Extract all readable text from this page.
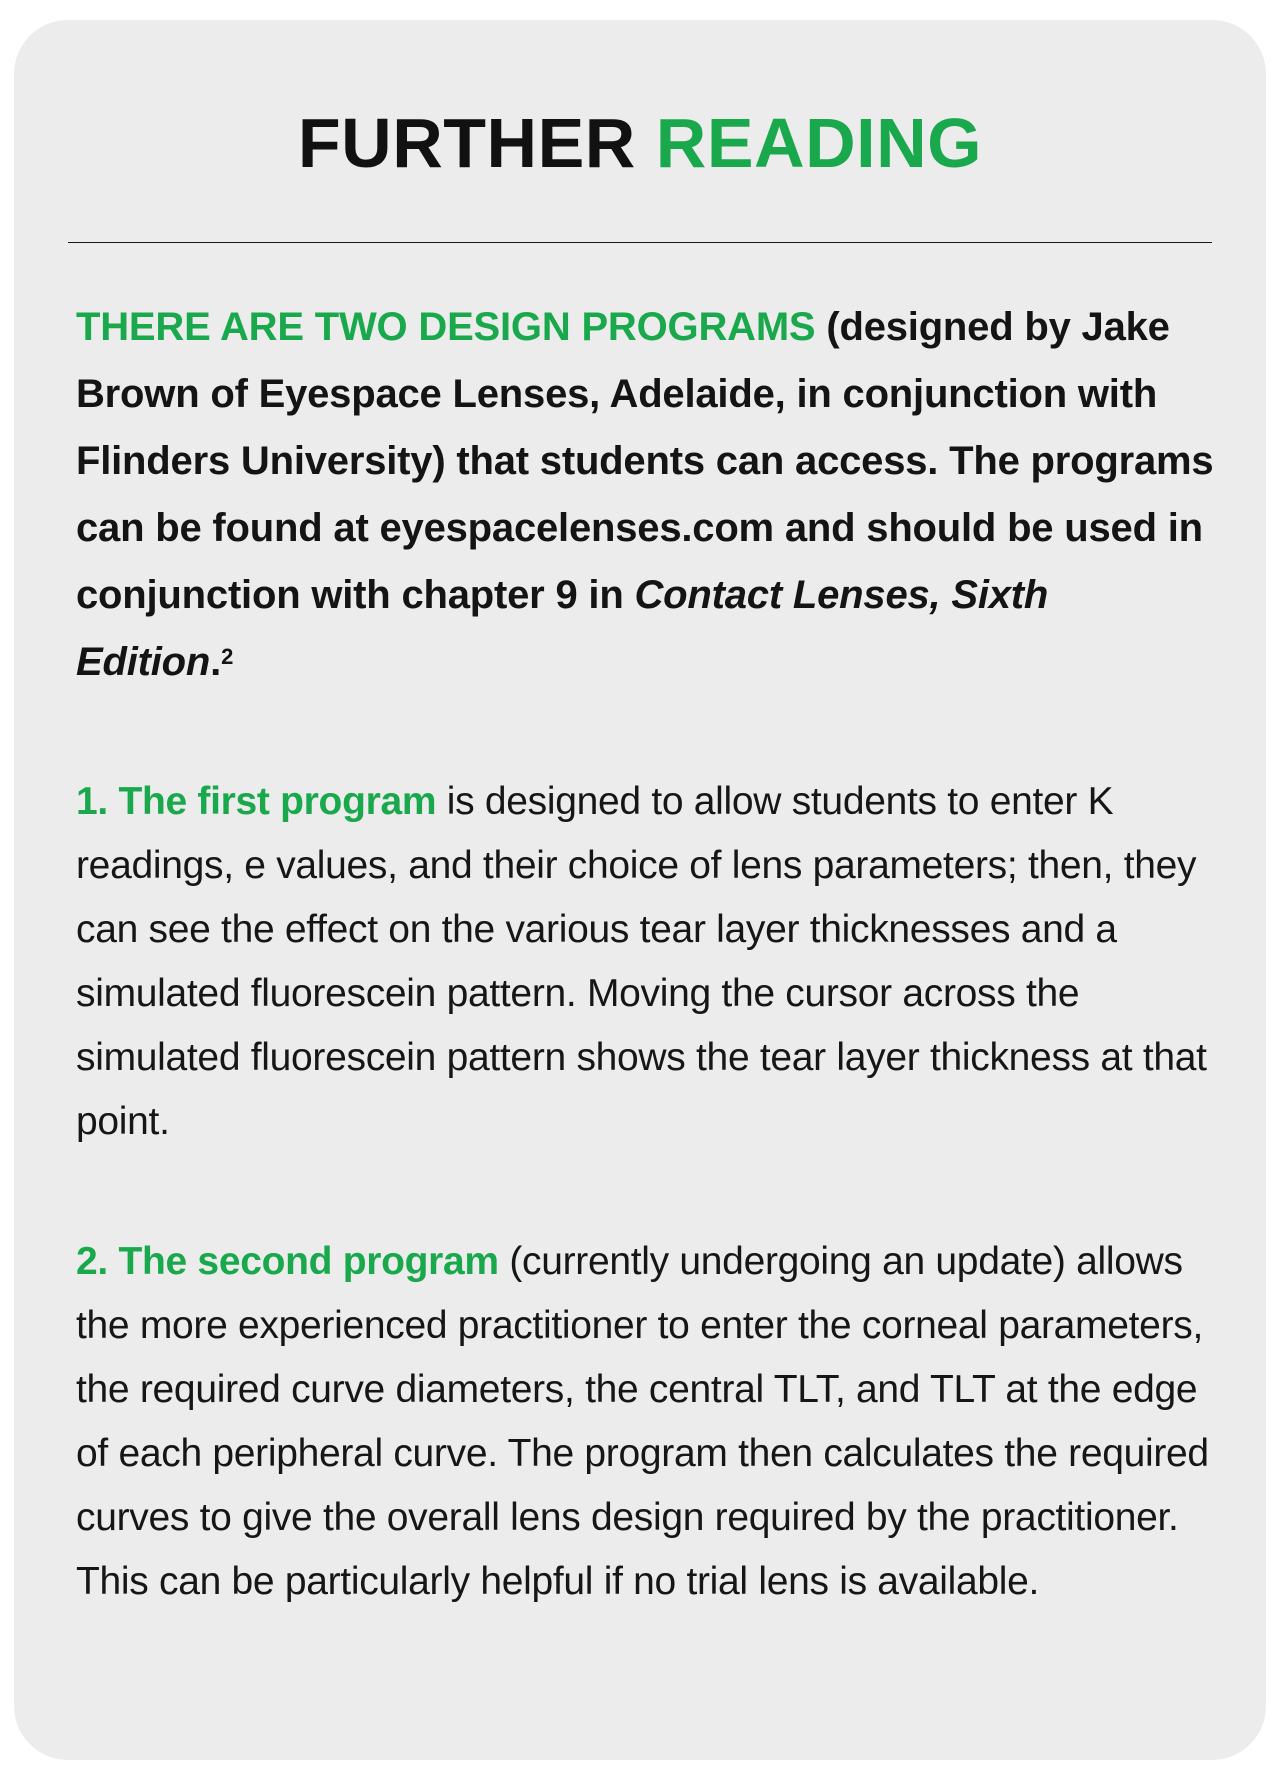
FURTHER READING

THERE ARE TWO DESIGN PROGRAMS (designed by Jake Brown of Eyespace Lenses, Adelaide, in conjunction with Flinders University) that students can access. The programs can be found at eyespacelenses.com and should be used in conjunction with chapter 9 in Contact Lenses, Sixth Edition.$^2$

1. The first program is designed to allow students to enter K readings, e values, and their choice of lens parameters; then, they can see the effect on the various tear layer thicknesses and a simulated fluorescein pattern. Moving the cursor across the simulated fluorescein pattern shows the tear layer thickness at that point.

2. The second program (currently undergoing an update) allows the more experienced practitioner to enter the corneal parameters, the required curve diameters, the central TLT, and TLT at the edge of each peripheral curve. The program then calculates the required curves to give the overall lens design required by the practitioner. This can be particularly helpful if no trial lens is available.
